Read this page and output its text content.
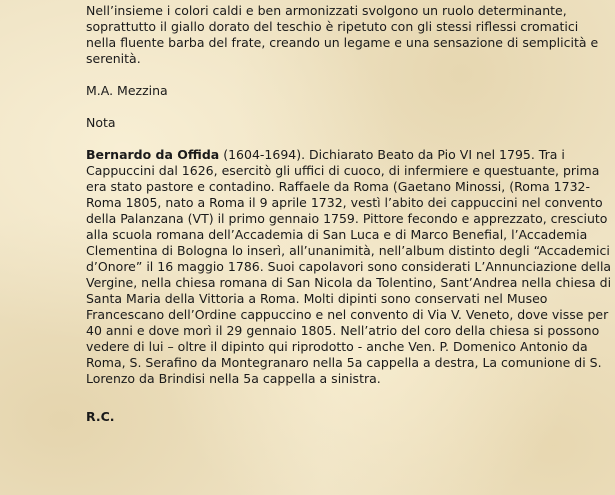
Nell’insieme i colori caldi e ben armonizzati svolgono un ruolo determinante, soprattutto il giallo dorato del teschio è ripetuto con gli stessi riflessi cromatici nella fluente barba del frate, creando un legame e una sensazione di semplicità e serenità.

M.A. Mezzina

Nota

Bernardo da Offida (1604-1694). Dichiarato Beato da Pio VI nel 1795. Tra i Cappuccini dal 1626, esercitò gli uffici di cuoco, di infermiere e questuante, prima era stato pastore e contadino. Raffaele da Roma (Gaetano Minossi, (Roma 1732- Roma 1805, nato a Roma il 9 aprile 1732, vestì l’abito dei cappuccini nel convento della Palanzana (VT) il primo gennaio 1759. Pittore fecondo e apprezzato, cresciuto alla scuola romana dell’Accademia di San Luca e di Marco Benefial, l’Accademia Clementina di Bologna lo inserì, all’unanimità, nell’album distinto degli “Accademici d’Onore” il 16 maggio 1786. Suoi capolavori sono considerati L’Annunciazione della Vergine, nella chiesa romana di San Nicola da Tolentino, Sant’Andrea nella chiesa di Santa Maria della Vittoria a Roma. Molti dipinti sono conservati nel Museo Francescano dell’Ordine cappuccino e nel convento di Via V. Veneto, dove visse per 40 anni e dove morì il 29 gennaio 1805. Nell’atrio del coro della chiesa si possono vedere di lui – oltre il dipinto qui riprodotto - anche Ven. P. Domenico Antonio da Roma, S. Serafino da Montegranaro nella 5a cappella a destra, La comunione di S. Lorenzo da Brindisi nella 5a cappella a sinistra.

R.C.
